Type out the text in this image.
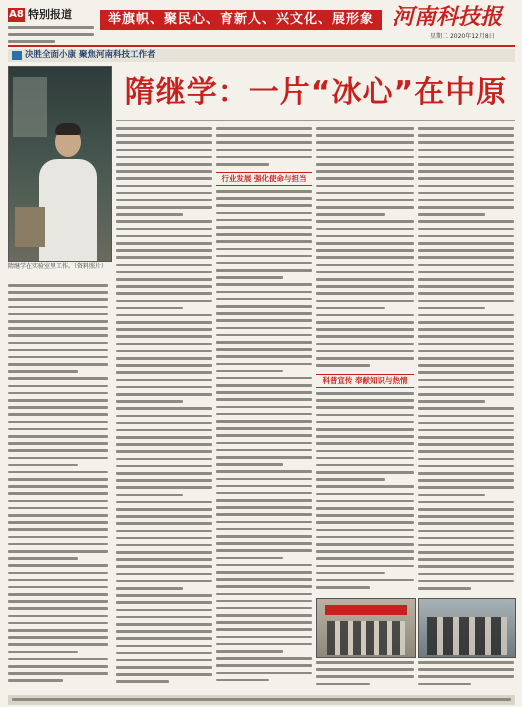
A8 特别报道	举旗帜、聚民心、育新人、兴文化、展形象 河南科技报
星期二 2020年12月8日
决胜全面小康 聚焦河南科技工作者
隋继学：一片“冰心”在中原
隋继学在实验室里工作。（资料照片）
行业发展 强化使命与担当
科普宣传 奉献知识与热情
